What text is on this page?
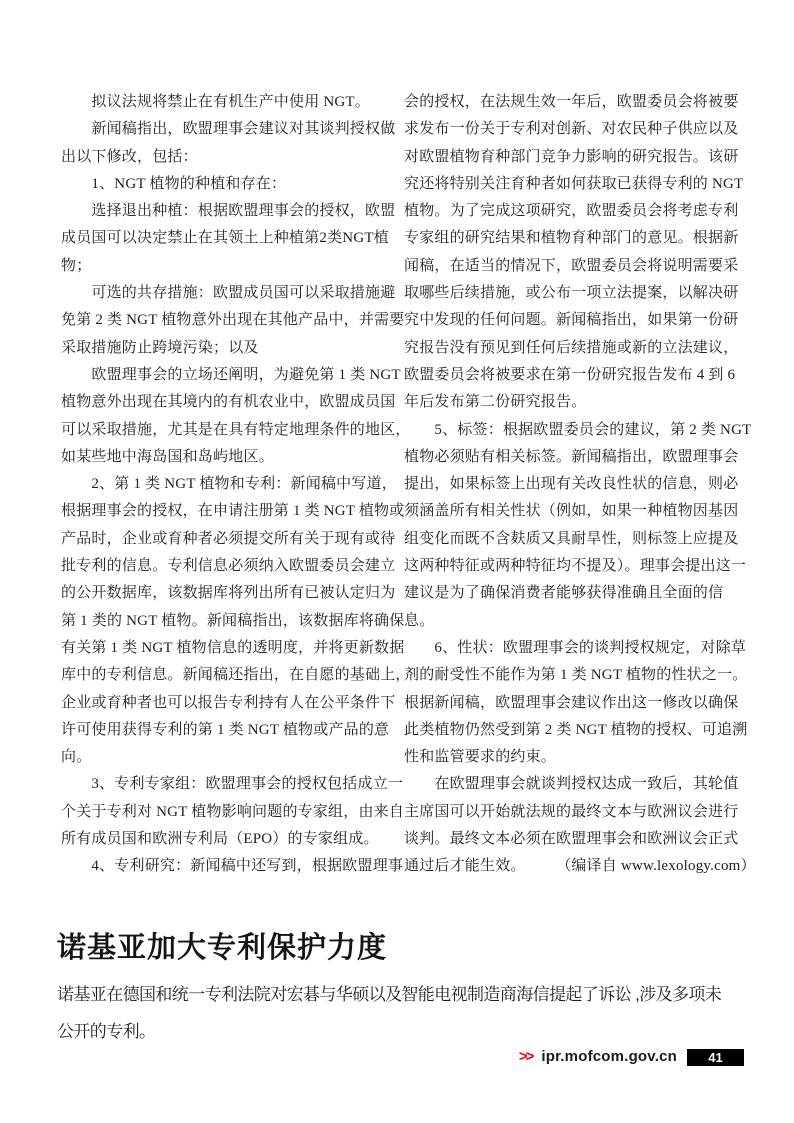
　　拟议法规将禁止在有机生产中使用 NGT。
　　新闻稿指出，欧盟理事会建议对其谈判授权做
出以下修改，包括：
　　1、NGT 植物的种植和存在：
　　选择退出种植：根据欧盟理事会的授权，欧盟
成员国可以决定禁止在其领土上种植第2类NGT植
物；
　　可选的共存措施：欧盟成员国可以采取措施避
免第 2 类 NGT 植物意外出现在其他产品中，并需要
采取措施防止跨境污染；以及
　　欧盟理事会的立场还阐明，为避免第 1 类 NGT
植物意外出现在其境内的有机农业中，欧盟成员国
可以采取措施，尤其是在具有特定地理条件的地区，
如某些地中海岛国和岛屿地区。
　　2、第 1 类 NGT 植物和专利：新闻稿中写道，
根据理事会的授权，在申请注册第 1 类 NGT 植物或
产品时，企业或育种者必须提交所有关于现有或待
批专利的信息。专利信息必须纳入欧盟委员会建立
的公开数据库，该数据库将列出所有已被认定归为
第 1 类的 NGT 植物。新闻稿指出，该数据库将确保
有关第 1 类 NGT 植物信息的透明度，并将更新数据
库中的专利信息。新闻稿还指出，在自愿的基础上，
企业或育种者也可以报告专利持有人在公平条件下
许可使用获得专利的第 1 类 NGT 植物或产品的意
向。
　　3、专利专家组：欧盟理事会的授权包括成立一
个关于专利对 NGT 植物影响问题的专家组，由来自
所有成员国和欧洲专利局（EPO）的专家组成。
　　4、专利研究：新闻稿中还写到，根据欧盟理事
会的授权，在法规生效一年后，欧盟委员会将被要
求发布一份关于专利对创新、对农民种子供应以及
对欧盟植物育种部门竞争力影响的研究报告。该研
究还将特别关注育种者如何获取已获得专利的 NGT
植物。为了完成这项研究，欧盟委员会将考虑专利
专家组的研究结果和植物育种部门的意见。根据新
闻稿，在适当的情况下，欧盟委员会将说明需要采
取哪些后续措施，或公布一项立法提案，以解决研
究中发现的任何问题。新闻稿指出，如果第一份研
究报告没有预见到任何后续措施或新的立法建议，
欧盟委员会将被要求在第一份研究报告发布 4 到 6
年后发布第二份研究报告。
　　5、标签：根据欧盟委员会的建议，第 2 类 NGT
植物必须贴有相关标签。新闻稿指出，欧盟理事会
提出，如果标签上出现有关改良性状的信息，则必
须涵盖所有相关性状（例如，如果一种植物因基因
组变化而既不含麸质又具耐旱性，则标签上应提及
这两种特征或两种特征均不提及）。理事会提出这一
建议是为了确保消费者能够获得准确且全面的信
息。
　　6、性状：欧盟理事会的谈判授权规定，对除草
剂的耐受性不能作为第 1 类 NGT 植物的性状之一。
根据新闻稿，欧盟理事会建议作出这一修改以确保
此类植物仍然受到第 2 类 NGT 植物的授权、可追溯
性和监管要求的约束。
　　在欧盟理事会就谈判授权达成一致后，其轮值
主席国可以开始就法规的最终文本与欧洲议会进行
谈判。最终文本必须在欧盟理事会和欧洲议会正式
通过后才能生效。　　　（编译自 www.lexology.com）
诺基亚加大专利保护力度
诺基亚在德国和统一专利法院对宏碁与华硕以及智能电视制造商海信提起了诉讼 ,涉及多项未
公开的专利。
>> ipr.mofcom.gov.cn	41
